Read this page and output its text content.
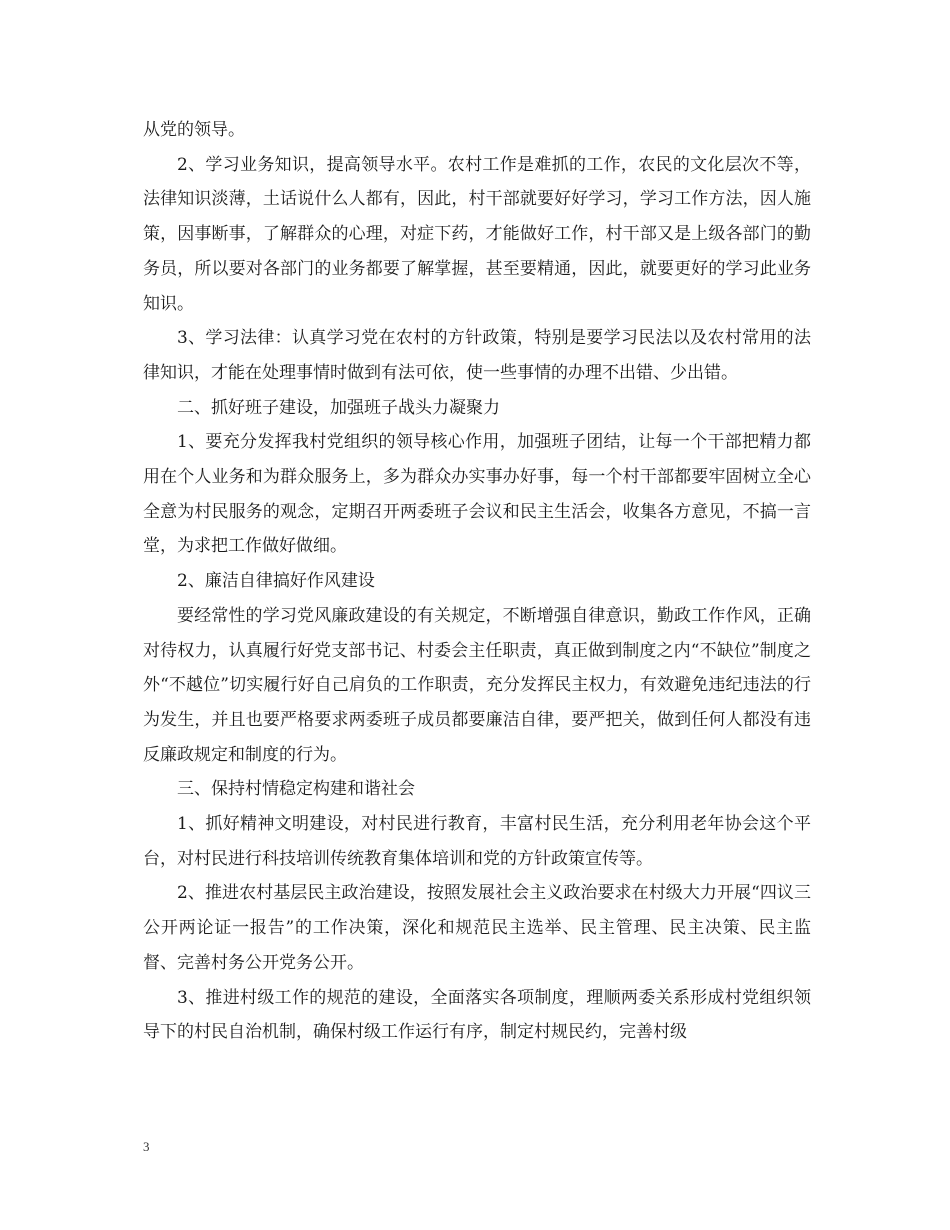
从党的领导。

2、学习业务知识，提高领导水平。农村工作是难抓的工作，农民的文化层次不等，法律知识淡薄，土话说什么人都有，因此，村干部就要好好学习，学习工作方法，因人施策，因事断事，了解群众的心理，对症下药，才能做好工作，村干部又是上级各部门的勤务员，所以要对各部门的业务都要了解掌握，甚至要精通，因此，就要更好的学习此业务知识。

3、学习法律：认真学习党在农村的方针政策，特别是要学习民法以及农村常用的法律知识，才能在处理事情时做到有法可依，使一些事情的办理不出错、少出错。

二、抓好班子建设，加强班子战头力凝聚力

1、要充分发挥我村党组织的领导核心作用，加强班子团结，让每一个干部把精力都用在个人业务和为群众服务上，多为群众办实事办好事，每一个村干部都要牢固树立全心全意为村民服务的观念，定期召开两委班子会议和民主生活会，收集各方意见，不搞一言堂，为求把工作做好做细。

2、廉洁自律搞好作风建设

要经常性的学习党风廉政建设的有关规定，不断增强自律意识，勤政工作作风，正确对待权力，认真履行好党支部书记、村委会主任职责，真正做到制度之内“不缺位”制度之外“不越位”切实履行好自己肩负的工作职责，充分发挥民主权力，有效避免违纪违法的行为发生，并且也要严格要求两委班子成员都要廉洁自律，要严把关，做到任何人都没有违反廉政规定和制度的行为。

三、保持村情稳定构建和谐社会

1、抓好精神文明建设，对村民进行教育，丰富村民生活，充分利用老年协会这个平台，对村民进行科技培训传统教育集体培训和党的方针政策宣传等。

2、推进农村基层民主政治建设，按照发展社会主义政治要求在村级大力开展“四议三公开两论证一报告”的工作决策，深化和规范民主选举、民主管理、民主决策、民主监督、完善村务公开党务公开。

3、推进村级工作的规范的建设，全面落实各项制度，理顺两委关系形成村党组织领导下的村民自治机制，确保村级工作运行有序，制定村规民约，完善村级

3
